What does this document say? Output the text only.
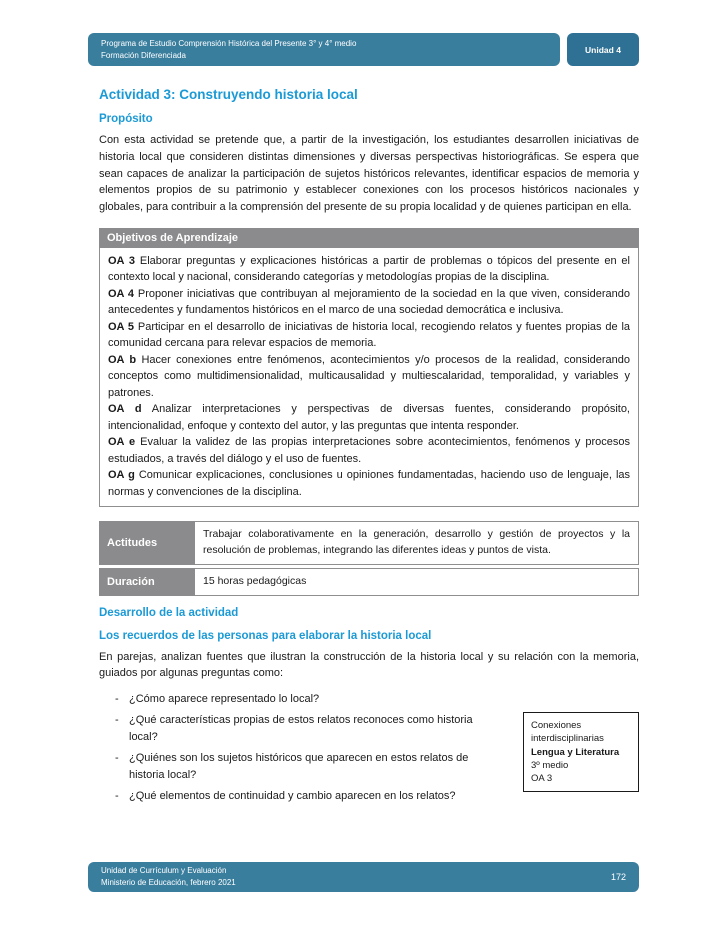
Programa de Estudio Comprensión Histórica del Presente 3° y 4° medio
Formación Diferenciada
Unidad 4
Actividad 3: Construyendo historia local
Propósito

Con esta actividad se pretende que, a partir de la investigación, los estudiantes desarrollen iniciativas de historia local que consideren distintas dimensiones y diversas perspectivas historiográficas. Se espera que sean capaces de analizar la participación de sujetos históricos relevantes, identificar espacios de memoria y elementos propios de su patrimonio y establecer conexiones con los procesos históricos nacionales y globales, para contribuir a la comprensión del presente de su propia localidad y de quienes participan en ella.

Objetivos de Aprendizaje

OA 3 Elaborar preguntas y explicaciones históricas a partir de problemas o tópicos del presente en el contexto local y nacional, considerando categorías y metodologías propias de la disciplina.

OA 4 Proponer iniciativas que contribuyan al mejoramiento de la sociedad en la que viven, considerando antecedentes y fundamentos históricos en el marco de una sociedad democrática e inclusiva.

OA 5 Participar en el desarrollo de iniciativas de historia local, recogiendo relatos y fuentes propias de la comunidad cercana para relevar espacios de memoria.

OA b Hacer conexiones entre fenómenos, acontecimientos y/o procesos de la realidad, considerando conceptos como multidimensionalidad, multicausalidad y multiescalaridad, temporalidad, y variables y patrones.

OA d Analizar interpretaciones y perspectivas de diversas fuentes, considerando propósito, intencionalidad, enfoque y contexto del autor, y las preguntas que intenta responder.

OA e Evaluar la validez de las propias interpretaciones sobre acontecimientos, fenómenos y procesos estudiados, a través del diálogo y el uso de fuentes.

OA g Comunicar explicaciones, conclusiones u opiniones fundamentadas, haciendo uso de lenguaje, las normas y convenciones de la disciplina.

Actitudes
Trabajar colaborativamente en la generación, desarrollo y gestión de proyectos y la resolución de problemas, integrando las diferentes ideas y puntos de vista.
Duración	15 horas pedagógicas
Desarrollo de la actividad
Los recuerdos de las personas para elaborar la historia local

En parejas, analizan fuentes que ilustran la construcción de la historia local y su relación con la memoria, guiados por algunas preguntas como:

- ¿Cómo aparece representado lo local?
- ¿Qué características propias de estos relatos reconoces como historia local?
- ¿Quiénes son los sujetos históricos que aparecen en estos relatos de historia local?
- ¿Qué elementos de continuidad y cambio aparecen en los relatos?
Conexiones interdisciplinarias
Lengua y Literatura
3º medio
OA 3
Unidad de Currículum y Evaluación
Ministerio de Educación, febrero 2021
172
